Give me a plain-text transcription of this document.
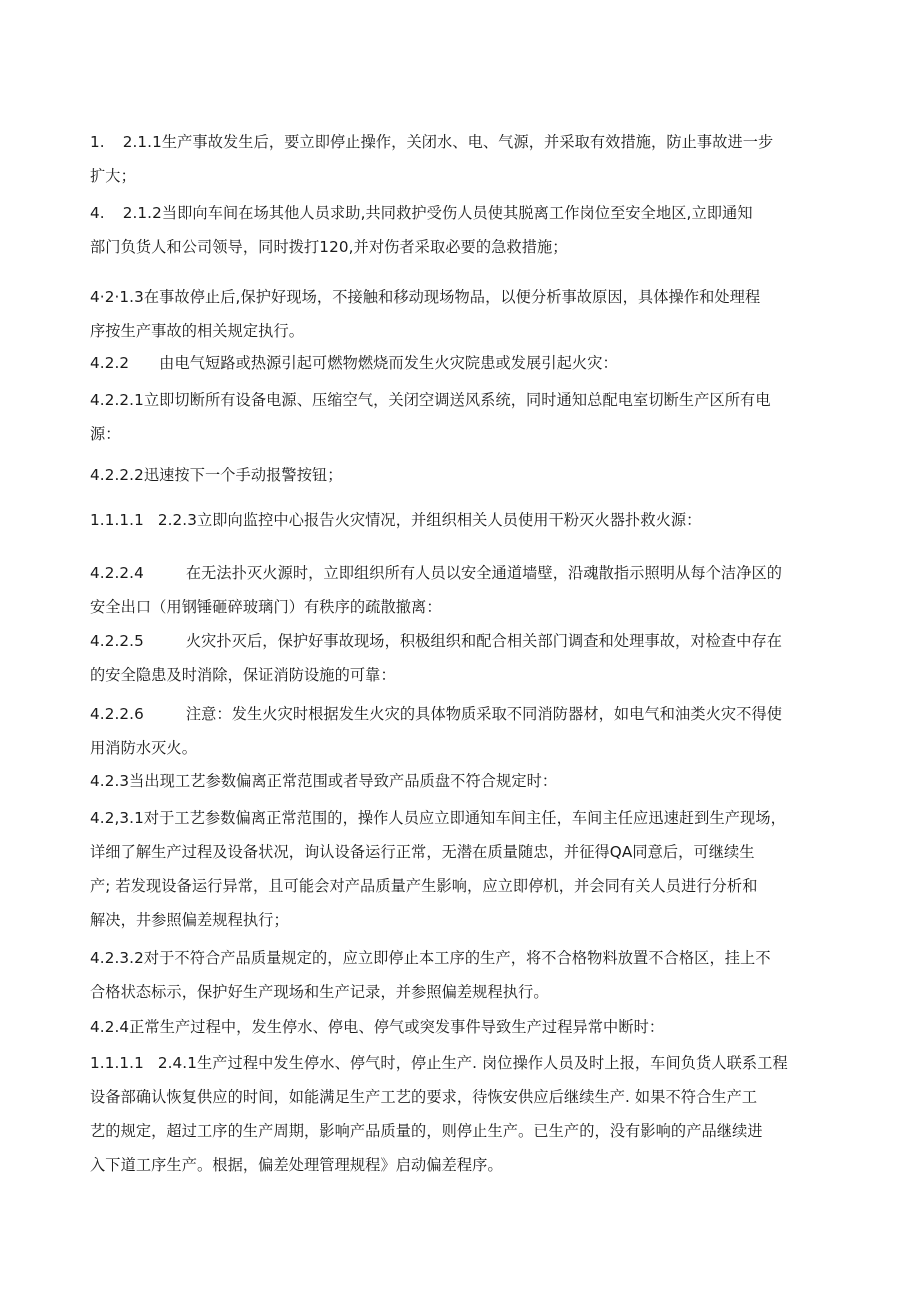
1. 2.1.1生产事故发生后，要立即停止操作，关闭水、电、气源，并采取有效措施，防止事故进一步
扩大；

4. 2.1.2当即向车间在场其他人员求助,共同救护受伤人员使其脱离工作岗位至安全地区,立即通知
部门负货人和公司领导，同时拨打120,并对伤者采取必要的急救措施；

4·2·1.3在事故停止后,保护好现场，不接触和移动现场物品，以便分析事故原因，具体操作和处理程
序按生产事故的相关规定执行。

4.2.2 由电气短路或热源引起可燃物燃烧而发生火灾院患或发展引起火灾：

4.2.2.1立即切断所有设备电源、压缩空气，关闭空调送风系统，同时通知总配电室切断生产区所有电
源：

4.2.2.2迅速按下一个手动报警按钮；

1.1.1.1 2.2.3立即向监控中心报告火灾情况，并组织相关人员使用干粉灭火器扑救火源：

4.2.2.4	在无法扑灭火源时，立即组织所有人员以安全通道墙壁，沿魂散指示照明从每个洁净区的
安全出口（用钢锤砸碎玻璃门）有秩序的疏散撤离：

4.2.2.5	火灾扑灭后，保护好事故现场，积极组织和配合相关部门调查和处理事故，对检查中存在
的安全隐患及时消除，保证消防设施的可靠：

4.2.2.6	注意：发生火灾时根据发生火灾的具体物质采取不同消防器材，如电气和油类火灾不得使
用消防水灭火。

4.2.3当出现工艺参数偏离正常范围或者导致产品质盘不符合规定时：

4.2,3.1对于工艺参数偏离正常范围的，操作人员应立即通知车间主任，车间主任应迅速赶到生产现场，
详细了解生产过程及设备状况，询认设备运行正常，无潜在质量随忠，并征得QA同意后，可继续生
产; 若发现设备运行异常，且可能会对产品质量产生影响，应立即停机，并会同有关人员进行分析和
解决，井参照偏差规程执行；

4.2.3.2对于不符合产品质量规定的，应立即停止本工序的生产，将不合格物料放置不合格区，挂上不
合格状态标示，保护好生产现场和生产记录，并参照偏差规程执行。

4.2.4正常生产过程中，发生停水、停电、停气或突发事件导致生产过程异常中断时：

1.1.1.1 2.4.1生产过程中发生停水、停气时，停止生产. 岗位操作人员及时上报，车间负货人联系工程
设备部确认恢复供应的时间，如能满足生产工艺的要求，待恢安供应后继续生产. 如果不符合生产工
艺的规定，超过工序的生产周期，影响产品质量的，则停止生产。已生产的，没有影响的产品继续进
入下道工序生产。根据，偏差处理管理规程》启动偏差程序。
